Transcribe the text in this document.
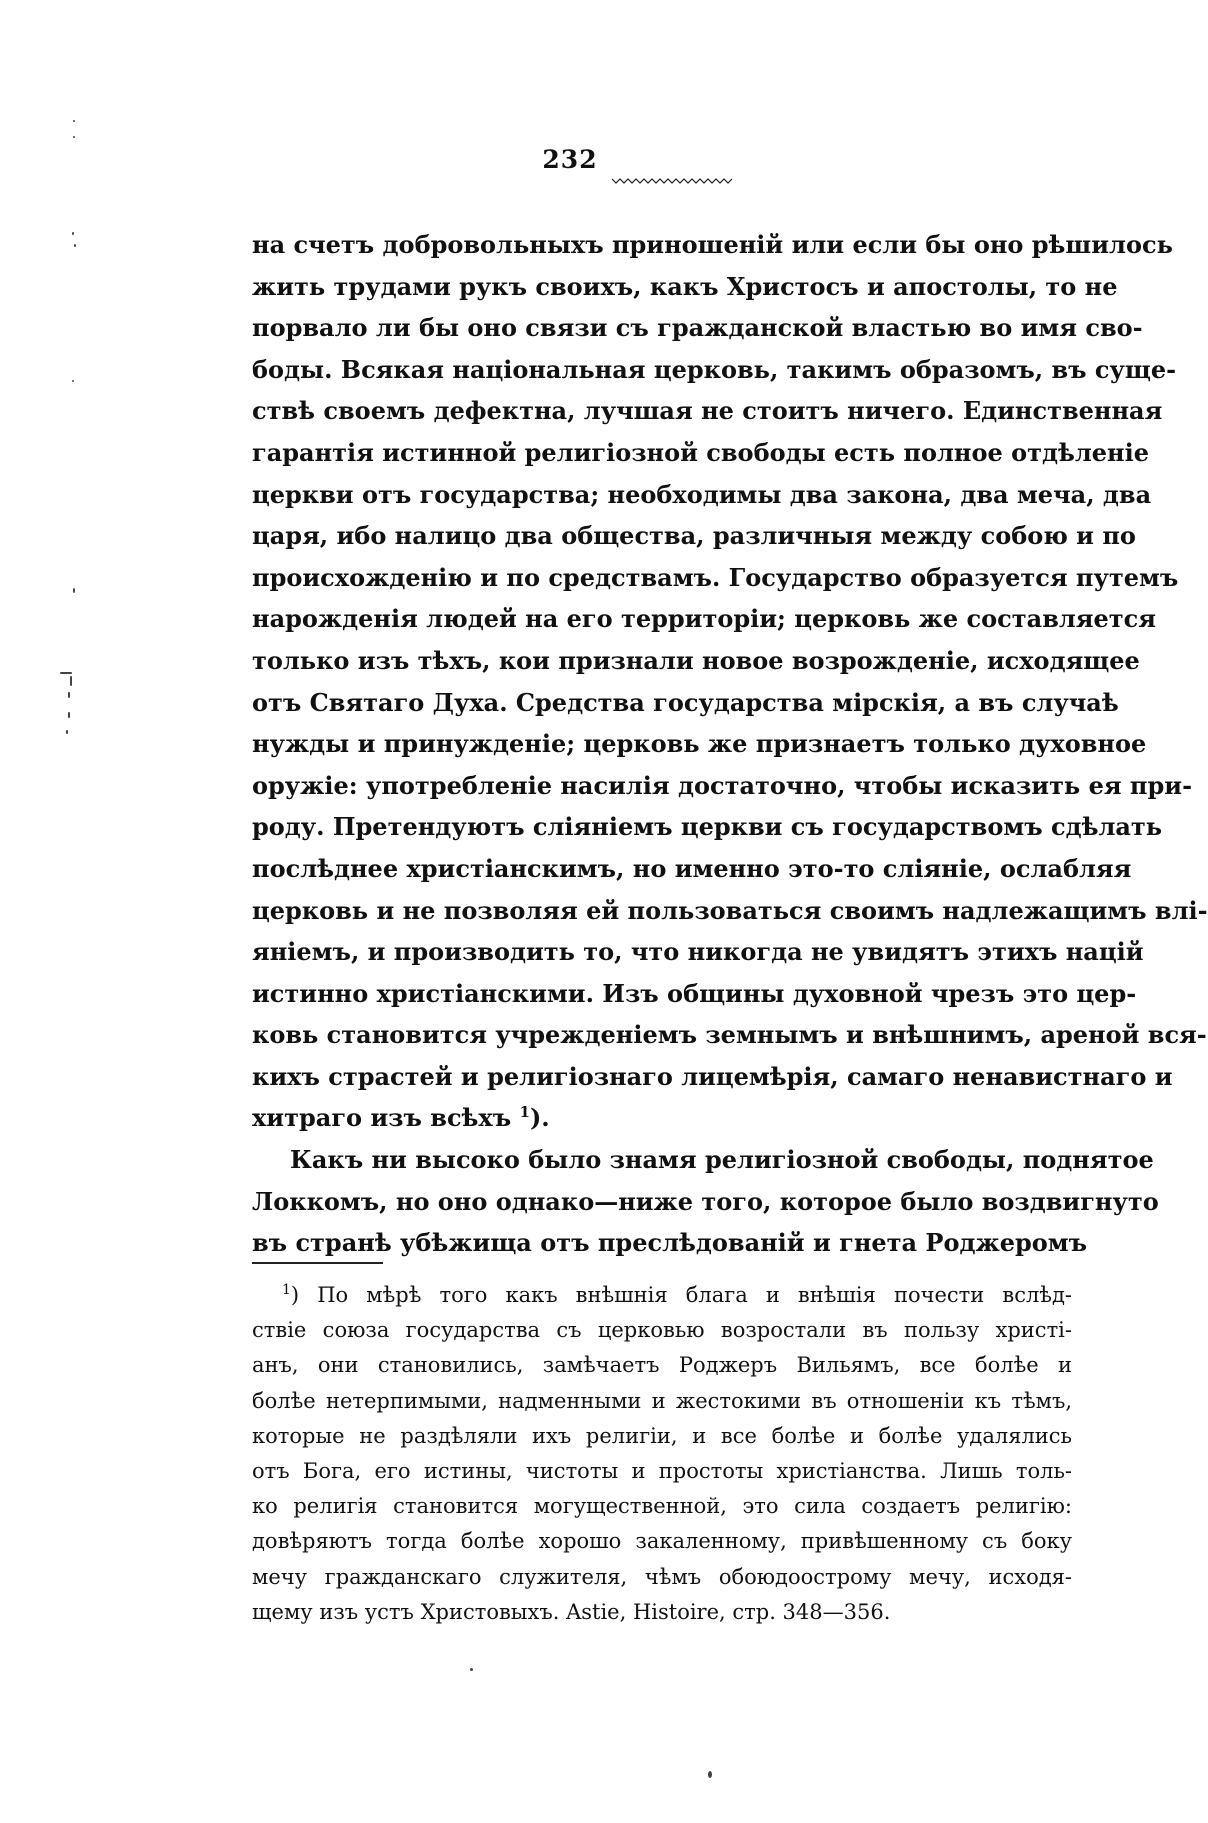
232
на счетъ добровольныхъ приношеній или если бы оно рѣшилось
жить трудами рукъ своихъ, какъ Христосъ и апостолы, то не
порвало ли бы оно связи съ гражданской властью во имя сво-
боды. Всякая національная церковь, такимъ образомъ, въ суще-
ствѣ своемъ дефектна, лучшая не стоитъ ничего. Единственная
гарантія истинной религіозной свободы есть полное отдѣленіе
церкви отъ государства; необходимы два закона, два меча, два
царя, ибо налицо два общества, различныя между собою и по
происхожденію и по средствамъ. Государство образуется путемъ
нарожденія людей на его территоріи; церковь же составляется
только изъ тѣхъ, кои признали новое возрожденіе, исходящее
отъ Святаго Духа. Средства государства мірскія, а въ случаѣ
нужды и принужденіе; церковь же признаетъ только духовное
оружіе: употребленіе насилія достаточно, чтобы исказить ея при-
роду. Претендуютъ сліяніемъ церкви съ государствомъ сдѣлать
послѣднее христіанскимъ, но именно это-то сліяніе, ослабляя
церковь и не позволяя ей пользоваться своимъ надлежащимъ влі-
яніемъ, и производить то, что никогда не увидятъ этихъ націй
истинно христіанскими. Изъ общины духовной чрезъ это цер-
ковь становится учрежденіемъ земнымъ и внѣшнимъ, ареной вся-
кихъ страстей и религіознаго лицемѣрія, самаго ненавистнаго и
хитраго изъ всѣхъ $^1$).
Какъ ни высоко было знамя религіозной свободы, поднятое
Локкомъ, но оно однако—ниже того, которое было воздвигнуто
въ странѣ убѣжища отъ преслѣдованій и гнета Роджеромъ
$^1$) По мѣрѣ того какъ внѣшнія блага и внѣшія почести вслѣд-
ствіе союза государства съ церковью возростали въ пользу христі-
анъ, они становились, замѣчаетъ Роджеръ Вильямъ, все болѣе и
болѣе нетерпимыми, надменными и жестокими въ отношеніи къ тѣмъ,
которые не раздѣляли ихъ религіи, и все болѣе и болѣе удалялись
отъ Бога, его истины, чистоты и простоты христіанства. Лишь толь-
ко религія становится могущественной, это сила создаетъ религію:
довѣряютъ тогда болѣе хорошо закаленному, привѣшенному съ боку
мечу гражданскаго служителя, чѣмъ обоюдоострому мечу, исходя-
щему изъ устъ Христовыхъ. Astie, Histoire, стр. 348—356.
